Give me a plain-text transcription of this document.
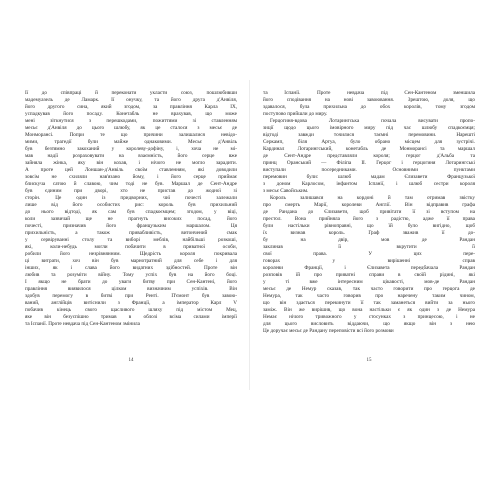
Її до співпраці й переконати укласти союз, пошлюбивши
мадемуазель де Ламарк. Її онучку, та його друга д'Анвіля,
його другого сина, який згодом, за правління Карла IX,
успадкував його посаду. Конетабль не врахував, що може
мені зіткнутися з перешкодами, пожиттями зі ставленням
месьє д'Анвіля до цього шлюбу, як це сталося з месьє де
Монморансі. Попри те що причини залишалися невідо-
мими, трагедії були майже однаковими. Месьє д'Анвіль
був безтямно закоханий у королеву-дофіну, і, хоча не мі-
мав надії розраховувати на взаємність, його серце вже
зайняла жінка, яку він кохав, і нічого не могло зарадити.
А проте цей Лоншан-д'Анвіль своїм ставленням, які доводили
зовсім не схиляли нав'язано йому, і його серце приймає
блискуча сатою й славою, чим тоді не був. Маршал де Сент-Андре
був єдиним при дворі, хто не пристав до жодної зі
сторін. Це один із придворних, чиї почесті залежали
лише від його особистих рис: король був прихильний
до нього відтоді, як сам був спадкоємцем; згодом, у віці,
коли зазвичай ще не прагнуть високих посад, його
почесті, призначив його французьким маршалом. Ця
прихильність, а також привабливість, витончений смак
у сервіруванні столу та виборі меблів, найбільші розкоші,
які, коли-небудь могли побачити в приватної особи,
робили його незрівнянним. Щедрість короля покривала
ці витрати, хоч він був марнотратний для себе і для
інших, як і слава його видатних здібностей. Проте він
любив та розуміти війну. Тому успіх був на його боці.
І якщо не брати до уваги битву при Сен-Кантені, його
правління виявилося цілком визначним успіхів. Він
здобув перемогу в битві при Ренті. П'ємонт був завою-
ваний, англійців витіснили з Франції, а імператор Карл V
побачив кінець свого щасливого шляху під містом Мец,
яке він безуспішно тримав в облозі всіма силами імперії
та Іспанії. Проте невдача під Сен-Кантеном змінила
та Іспанії. Проте невдача під Сен-Кантеном зменшила
його сподівання на нові завоювання. Зрештою, доля, що
здавалося, була прихильна до обох королів, тому згодом
поступово прийшли до миру.
Герцогиня-вдова Лотарингська почала висувати пропо-
зиції щодо цього імовірного миру під час шлюбу спадкоємця;
відтоді завжди точилися таємні перемовини. Нарешті
Серкамп, біля Артуа, було обрано місцем для зустрічі.
Кардинал Лотарингський, конетабль де Монморансі та маршал
де Сент-Андре представляли короля; герцог д'Альба та
принц Оранський — Філіпа II. Герцог і герцогиня Лотарингські
виступали посередниками. Основними пунктами
перемовин були: шлюб мадам Єлизавети Французької
з доном Карлосом, інфантом Іспанії, і шлюб сестри короля
з месьє Савойським.
Король залишався на кордоні й там отримав звістку
про смерть Марії, королеви Англії. Він відправив графа
де Рандана до Єлизавети, щоб привітати її зі вступом на
престол. Вона прийняла його з радістю, адже її права
були настільки рівноправні, що їй було вигідно, щоб
їх визнав король. Граф зважив її до-
бу на двір, мов де Рандан
заклинав її вкрутити її
свої права. У цих пере-
говорах у вирішенні справ
королеви Франції, і Єлизавета передбачала Рандан
розповів їй про приватні справи в своїй рідині, які
у ті вже інтересним цікавості, мов-де Рандан
месьє де Немур сказав, так часто говорити про герцога де
Немура, так часто говорив про наречену таким чином,
що він здається перекинути її так заманеться вийти за нього
заміж. Він же вирішив, що вона настільки є як один з де Немура
Немає нічого тривожного у стосунках з принцесою, і не
для цього висловить віддаючи, що якщо він з нею
Це доручає месьє де Рандану переповісти всі його розмови
14	15
